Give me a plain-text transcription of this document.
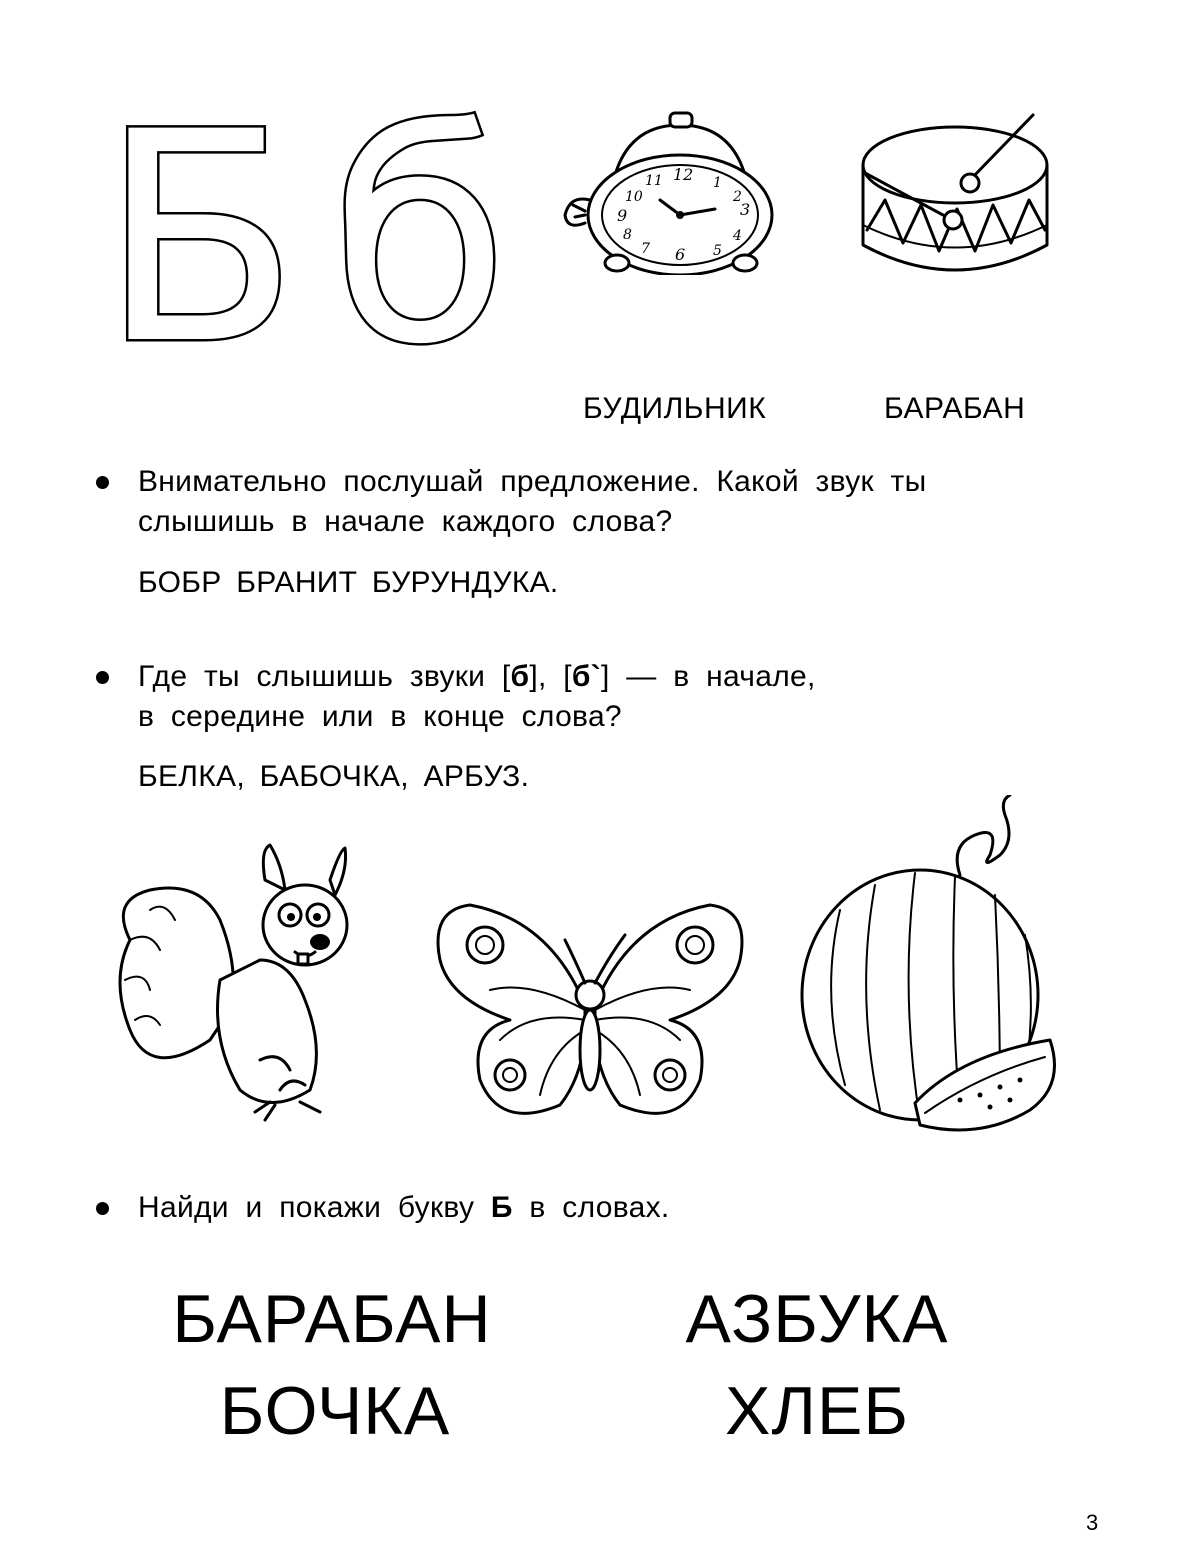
Б б	12
3
6
9
1
2
4
5
7
8
10
11
БУДИЛЬНИК	БАРАБАН
Внимательно послушай предложение. Какой звук ты
слышишь в начале каждого слова?
БОБР БРАНИТ БУРУНДУКА.
Где ты слышишь звуки [б], [б`] — в начале,
в середине или в конце слова?
БЕЛКА, БАБОЧКА, АРБУЗ.
Найди и покажи букву Б в словах.
БАРАБАН	АЗБУКА
БОЧКА	ХЛЕБ
3
